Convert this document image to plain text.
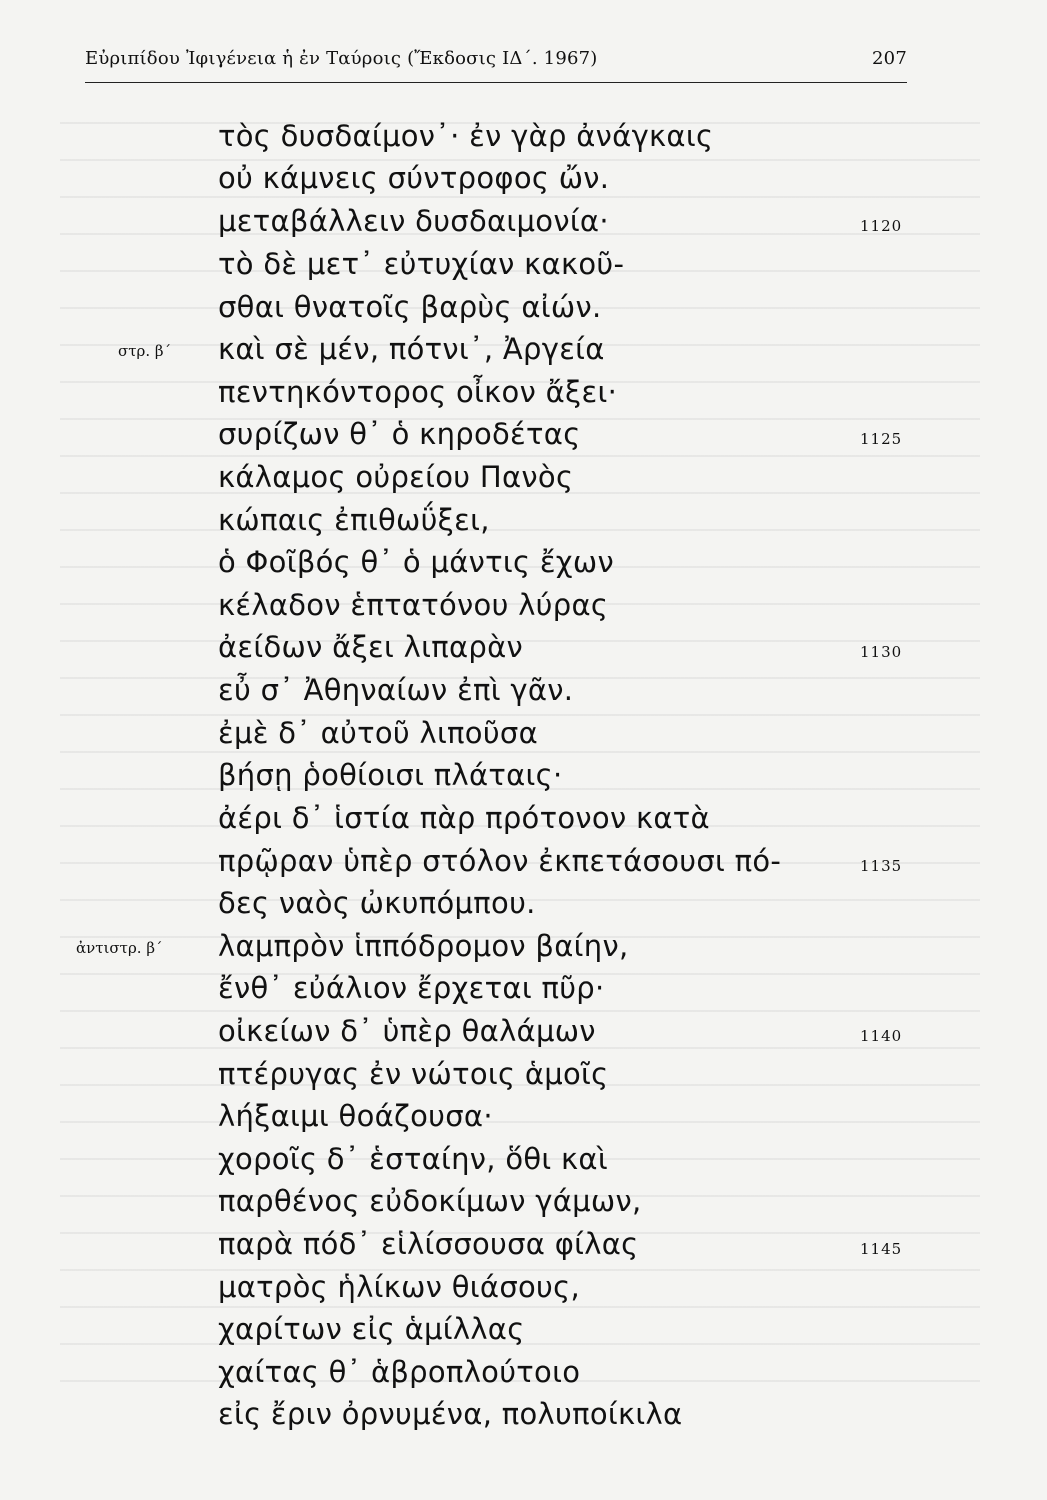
Εὐριπίδου Ἰφιγένεια ἡ ἐν Ταύροις (Ἔκδοσις ΙΔ΄. 1967)	207
τὸς δυσδαίμον᾿· ἐν γὰρ ἀνάγκαις
οὐ κάμνεις σύντροφος ὤν.
μεταβάλλειν δυσδαιμονία·
τὸ δὲ μετ᾿ εὐτυχίαν κακοῦ-
σθαι θνατοῖς βαρὺς αἰών.
καὶ σὲ μέν, πότνι᾿, Ἀργεία
πεντηκόντορος οἶκον ἄξει·
συρίζων θ᾿ ὁ κηροδέτας
κάλαμος οὐρείου Πανὸς
κώπαις ἐπιθωΰξει,
ὁ Φοῖβός θ᾿ ὁ μάντις ἔχων
κέλαδον ἑπτατόνου λύρας
ἀείδων ἄξει λιπαρὰν
εὖ σ᾿ Ἀθηναίων ἐπὶ γᾶν.
ἐμὲ δ᾿ αὐτοῦ λιποῦσα
βήσῃ ῥοθίοισι πλάταις·
ἀέρι δ᾿ ἱστία πὰρ πρότονον κατὰ
πρῷραν ὑπὲρ στόλον ἐκπετάσουσι πό-
δες ναὸς ὠκυπόμπου.
λαμπρὸν ἱππόδρομον βαίην,
ἔνθ᾿ εὐάλιον ἔρχεται πῦρ·
οἰκείων δ᾿ ὑπὲρ θαλάμων
πτέρυγας ἐν νώτοις ἁμοῖς
λήξαιμι θοάζουσα·
χοροῖς δ᾿ ἑσταίην, ὅθι καὶ
παρθένος εὐδοκίμων γάμων,
παρὰ πόδ᾿ εἱλίσσουσα φίλας
ματρὸς ἡλίκων θιάσους,
χαρίτων εἰς ἁμίλλας
χαίτας θ᾿ ἁβροπλούτοιο
εἰς ἔριν ὀρνυμένα, πολυποίκιλα
1120
1125
1130
1135
1140
1145
στρ. β΄
ἀντιστρ. β΄
